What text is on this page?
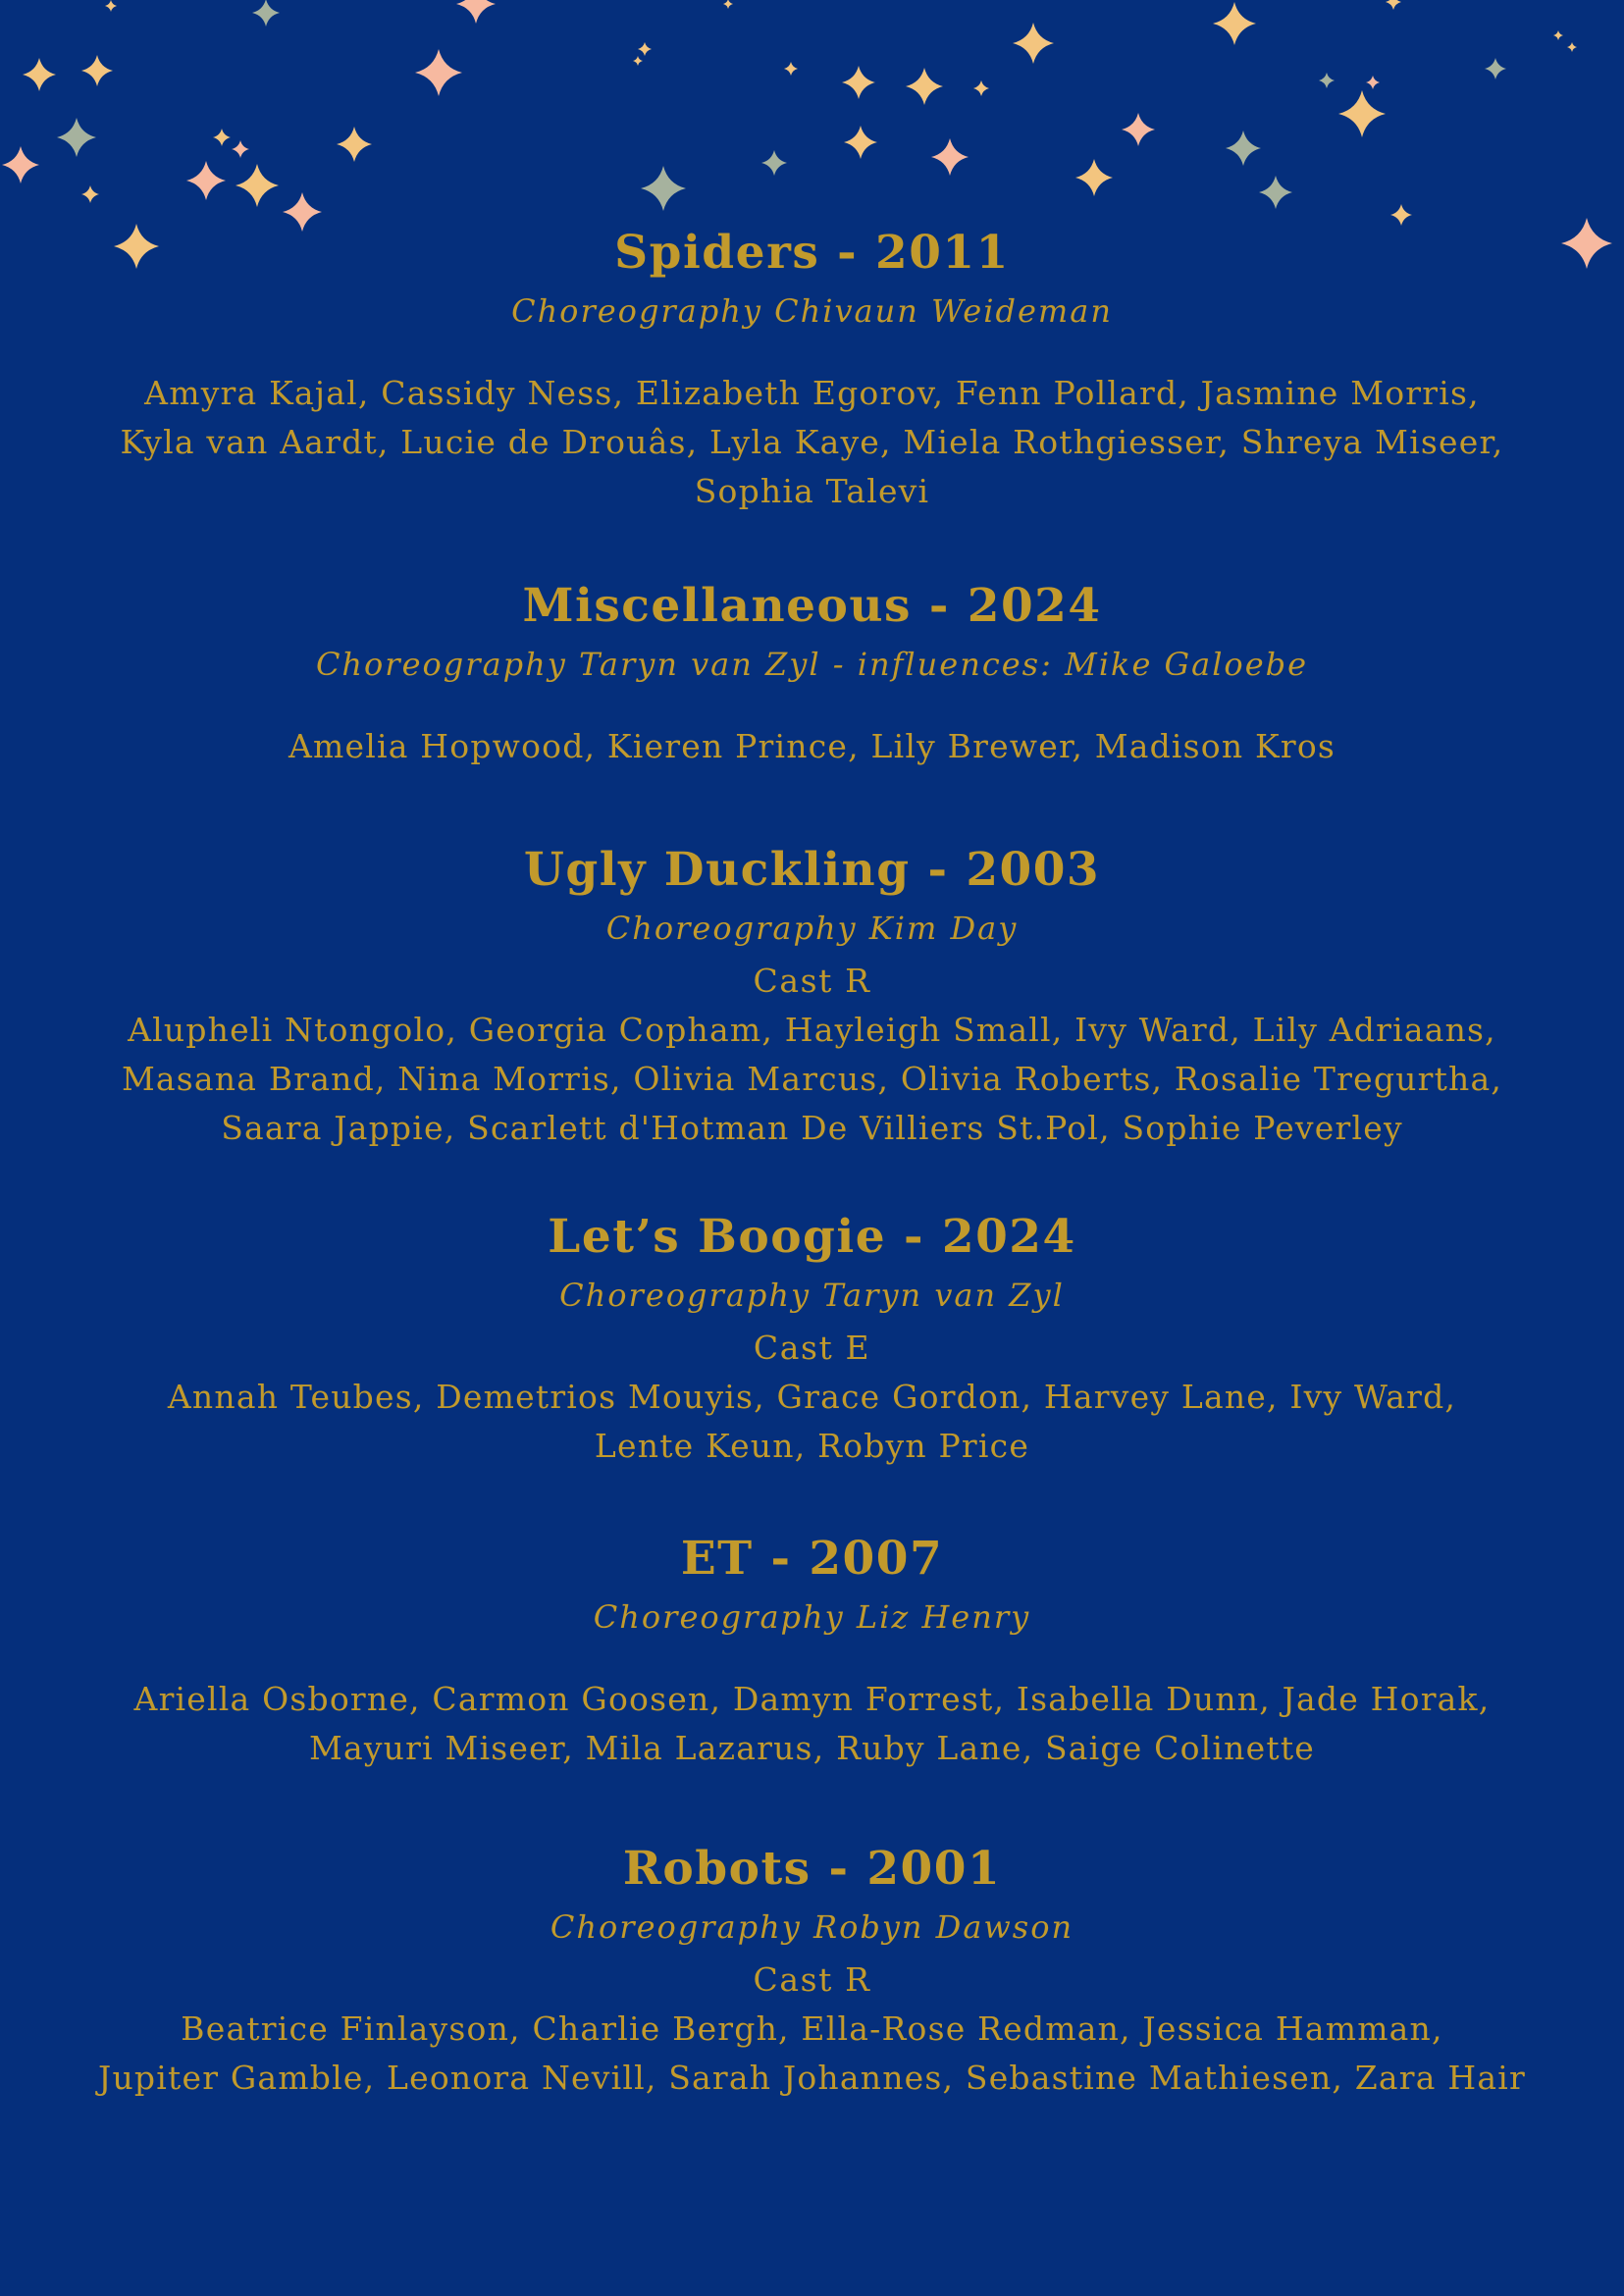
Spiders - 2011

Choreography Chivaun Weideman

Amyra Kajal, Cassidy Ness, Elizabeth Egorov, Fenn Pollard, Jasmine Morris,
Kyla van Aardt, Lucie de Drouâs, Lyla Kaye, Miela Rothgiesser, Shreya Miseer,
Sophia Talevi

Miscellaneous - 2024

Choreography Taryn van Zyl - influences: Mike Galoebe

Amelia Hopwood, Kieren Prince, Lily Brewer, Madison Kros

Ugly Duckling - 2003

Choreography Kim Day

Cast R

Alupheli Ntongolo, Georgia Copham, Hayleigh Small, Ivy Ward, Lily Adriaans,
Masana Brand, Nina Morris, Olivia Marcus, Olivia Roberts, Rosalie Tregurtha,
Saara Jappie, Scarlett d'Hotman De Villiers St.Pol, Sophie Peverley

Let’s Boogie - 2024

Choreography Taryn van Zyl

Cast E

Annah Teubes, Demetrios Mouyis, Grace Gordon, Harvey Lane, Ivy Ward,
Lente Keun, Robyn Price

ET - 2007

Choreography Liz Henry

Ariella Osborne, Carmon Goosen, Damyn Forrest, Isabella Dunn, Jade Horak,
Mayuri Miseer, Mila Lazarus, Ruby Lane, Saige Colinette

Robots - 2001

Choreography Robyn Dawson

Cast R

Beatrice Finlayson, Charlie Bergh, Ella-Rose Redman, Jessica Hamman,
Jupiter Gamble, Leonora Nevill, Sarah Johannes, Sebastine Mathiesen, Zara Hair
